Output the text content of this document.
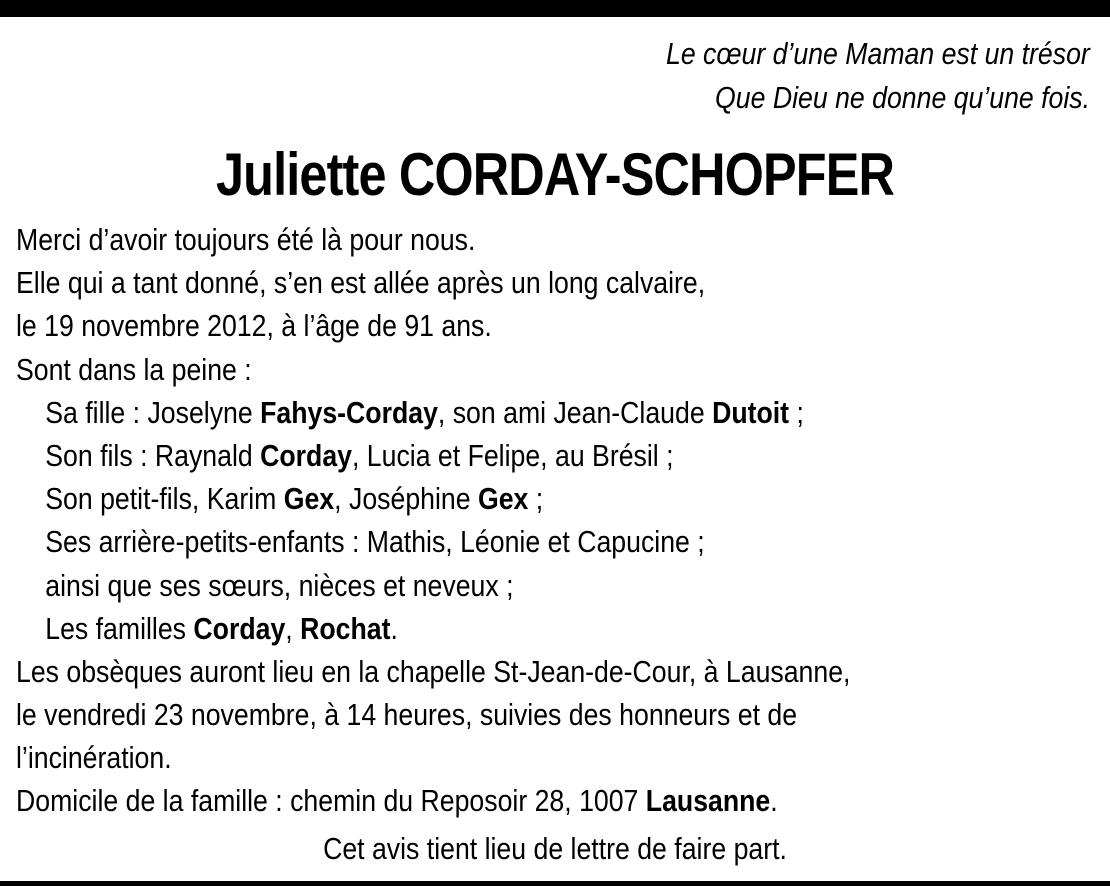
Le cœur d’une Maman est un trésor
Que Dieu ne donne qu’une fois.
Juliette CORDAY-SCHOPFER
Merci d’avoir toujours été là pour nous.
Elle qui a tant donné, s’en est allée après un long calvaire,
le 19 novembre 2012, à l’âge de 91 ans.
Sont dans la peine :
Sa fille : Joselyne Fahys-Corday, son ami Jean-Claude Dutoit ;
Son fils : Raynald Corday, Lucia et Felipe, au Brésil ;
Son petit-fils, Karim Gex, Joséphine Gex ;
Ses arrière-petits-enfants : Mathis, Léonie et Capucine ;
ainsi que ses sœurs, nièces et neveux ;
Les familles Corday, Rochat.
Les obsèques auront lieu en la chapelle St-Jean-de-Cour, à Lausanne,
le vendredi 23 novembre, à 14 heures, suivies des honneurs et de
l’incinération.
Domicile de la famille : chemin du Reposoir 28, 1007 Lausanne.
Cet avis tient lieu de lettre de faire part.
